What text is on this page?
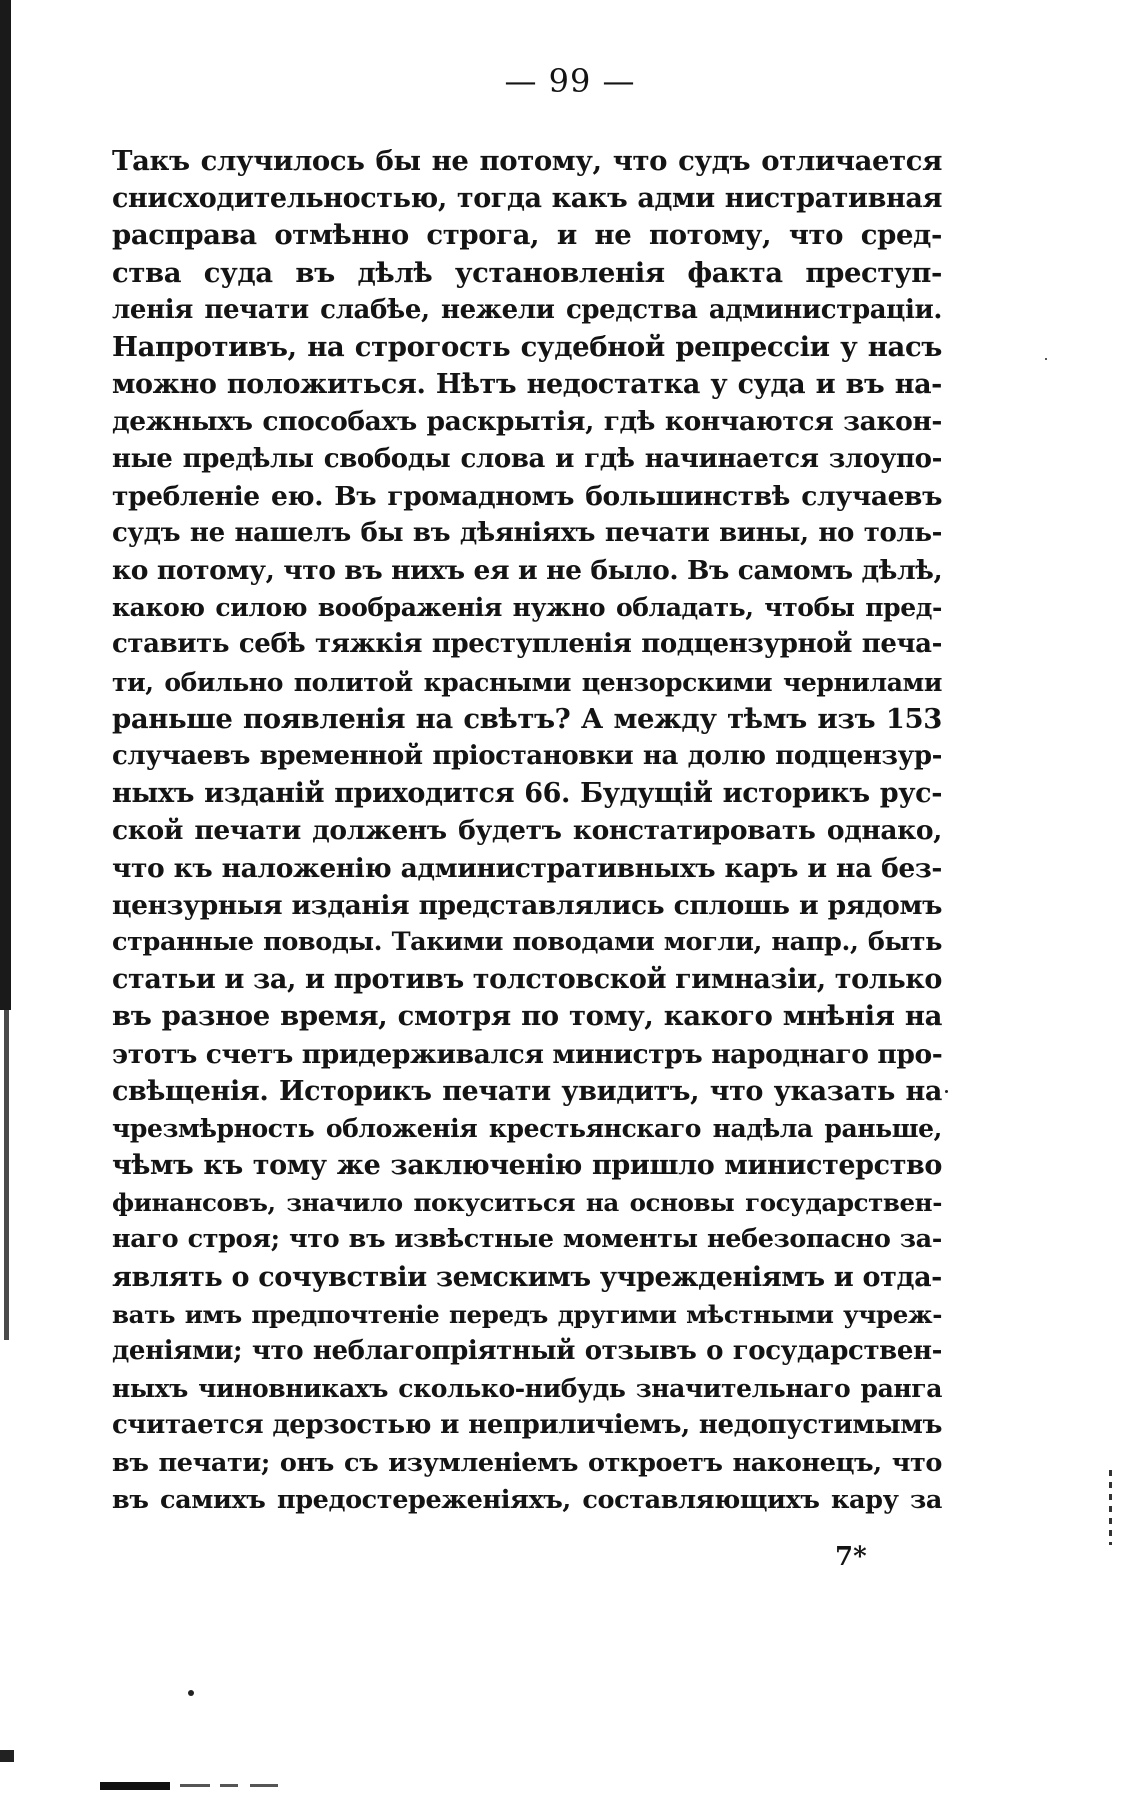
— 99 —
Такъ случилось бы не потому, что судъ отличается
снисходительностью, тогда какъ адми нистративная
расправа отмѣнно строга, и не потому, что сред-
ства суда въ дѣлѣ установленія факта преступ-
ленія печати слабѣе, нежели средства администраціи.
Напротивъ, на строгость судебной репрессіи у насъ
можно положиться. Нѣтъ недостатка у суда и въ на-
дежныхъ способахъ раскрытія, гдѣ кончаются закон-
ные предѣлы свободы слова и гдѣ начинается злоупо-
требленіе ею. Въ громадномъ большинствѣ случаевъ
судъ не нашелъ бы въ дѣяніяхъ печати вины, но толь-
ко потому, что въ нихъ ея и не было. Въ самомъ дѣлѣ,
какою силою воображенія нужно обладать, чтобы пред-
ставить себѣ тяжкія преступленія подцензурной печа-
ти, обильно политой красными цензорскими чернилами
раньше появленія на свѣтъ? А между тѣмъ изъ 153
случаевъ временной пріостановки на долю подцензур-
ныхъ изданій приходится 66. Будущій историкъ рус-
ской печати долженъ будетъ констатировать однако,
что къ наложенію административныхъ каръ и на без-
цензурныя изданія представлялись сплошь и рядомъ
странные поводы. Такими поводами могли, напр., быть
статьи и за, и противъ толстовской гимназіи, только
въ разное время, смотря по тому, какого мнѣнія на
этотъ счетъ придерживался министръ народнаго про-
свѣщенія. Историкъ печати увидитъ, что указать на
чрезмѣрность обложенія крестьянскаго надѣла раньше,
чѣмъ къ тому же заключенію пришло министерство
финансовъ, значило покуситься на основы государствен-
наго строя; что въ извѣстные моменты небезопасно за-
являть о сочувствіи земскимъ учрежденіямъ и отда-
вать имъ предпочтеніе передъ другими мѣстными учреж-
деніями; что неблагопріятный отзывъ о государствен-
ныхъ чиновникахъ сколько-нибудь значительнаго ранга
считается дерзостью и неприличіемъ, недопустимымъ
въ печати; онъ съ изумленіемъ откроетъ наконецъ, что
въ самихъ предостереженіяхъ, составляющихъ кару за
7*
